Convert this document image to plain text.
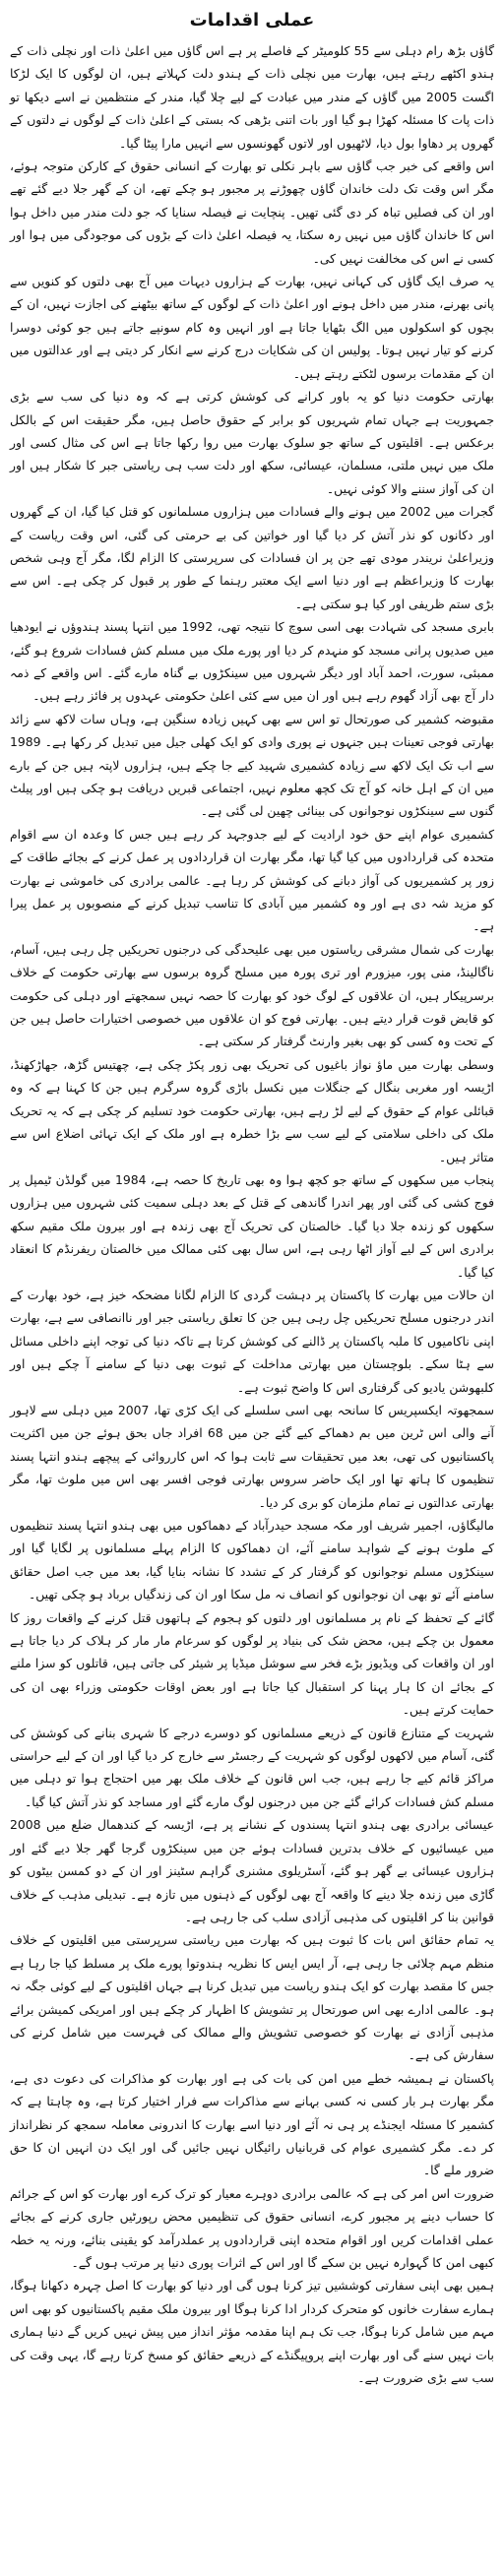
عملی اقدامات

گاؤں بڑھ رام دہلی سے 55 کلومیٹر کے فاصلے پر ہے اس گاؤں میں اعلیٰ ذات اور نچلی ذات کے ہندو اکٹھے رہتے ہیں، بھارت میں نچلی ذات کے ہندو دلت کہلاتے ہیں، ان لوگوں کا ایک لڑکا اگست 2005 میں گاؤں کے مندر میں عبادت کے لیے چلا گیا، مندر کے منتظمین نے اسے دیکھا تو ذات پات کا مسئلہ کھڑا ہو گیا اور بات اتنی بڑھی کہ بستی کے اعلیٰ ذات کے لوگوں نے دلتوں کے گھروں پر دھاوا بول دیا، لاٹھیوں اور لاتوں گھونسوں سے انہیں مارا پیٹا گیا۔

اس واقعے کی خبر جب گاؤں سے باہر نکلی تو بھارت کے انسانی حقوق کے کارکن متوجہ ہوئے، مگر اس وقت تک دلت خاندان گاؤں چھوڑنے پر مجبور ہو چکے تھے، ان کے گھر جلا دیے گئے تھے اور ان کی فصلیں تباہ کر دی گئی تھیں۔ پنچایت نے فیصلہ سنایا کہ جو دلت مندر میں داخل ہوا اس کا خاندان گاؤں میں نہیں رہ سکتا، یہ فیصلہ اعلیٰ ذات کے بڑوں کی موجودگی میں ہوا اور کسی نے اس کی مخالفت نہیں کی۔

یہ صرف ایک گاؤں کی کہانی نہیں، بھارت کے ہزاروں دیہات میں آج بھی دلتوں کو کنویں سے پانی بھرنے، مندر میں داخل ہونے اور اعلیٰ ذات کے لوگوں کے ساتھ بیٹھنے کی اجازت نہیں، ان کے بچوں کو اسکولوں میں الگ بٹھایا جاتا ہے اور انہیں وہ کام سونپے جاتے ہیں جو کوئی دوسرا کرنے کو تیار نہیں ہوتا۔ پولیس ان کی شکایات درج کرنے سے انکار کر دیتی ہے اور عدالتوں میں ان کے مقدمات برسوں لٹکتے رہتے ہیں۔

بھارتی حکومت دنیا کو یہ باور کرانے کی کوشش کرتی ہے کہ وہ دنیا کی سب سے بڑی جمہوریت ہے جہاں تمام شہریوں کو برابر کے حقوق حاصل ہیں، مگر حقیقت اس کے بالکل برعکس ہے۔ اقلیتوں کے ساتھ جو سلوک بھارت میں روا رکھا جاتا ہے اس کی مثال کسی اور ملک میں نہیں ملتی، مسلمان، عیسائی، سکھ اور دلت سب ہی ریاستی جبر کا شکار ہیں اور ان کی آواز سننے والا کوئی نہیں۔

گجرات میں 2002 میں ہونے والے فسادات میں ہزاروں مسلمانوں کو قتل کیا گیا، ان کے گھروں اور دکانوں کو نذر آتش کر دیا گیا اور خواتین کی بے حرمتی کی گئی، اس وقت ریاست کے وزیراعلیٰ نریندر مودی تھے جن پر ان فسادات کی سرپرستی کا الزام لگا، مگر آج وہی شخص بھارت کا وزیراعظم ہے اور دنیا اسے ایک معتبر رہنما کے طور پر قبول کر چکی ہے۔ اس سے بڑی ستم ظریفی اور کیا ہو سکتی ہے۔

بابری مسجد کی شہادت بھی اسی سوچ کا نتیجہ تھی، 1992 میں انتہا پسند ہندوؤں نے ایودھیا میں صدیوں پرانی مسجد کو منہدم کر دیا اور پورے ملک میں مسلم کش فسادات شروع ہو گئے، ممبئی، سورت، احمد آباد اور دیگر شہروں میں سینکڑوں بے گناہ مارے گئے۔ اس واقعے کے ذمہ دار آج بھی آزاد گھوم رہے ہیں اور ان میں سے کئی اعلیٰ حکومتی عہدوں پر فائز رہے ہیں۔

مقبوضہ کشمیر کی صورتحال تو اس سے بھی کہیں زیادہ سنگین ہے، وہاں سات لاکھ سے زائد بھارتی فوجی تعینات ہیں جنہوں نے پوری وادی کو ایک کھلی جیل میں تبدیل کر رکھا ہے۔ 1989 سے اب تک ایک لاکھ سے زیادہ کشمیری شہید کیے جا چکے ہیں، ہزاروں لاپتہ ہیں جن کے بارے میں ان کے اہل خانہ کو آج تک کچھ معلوم نہیں، اجتماعی قبریں دریافت ہو چکی ہیں اور پیلٹ گنوں سے سینکڑوں نوجوانوں کی بینائی چھین لی گئی ہے۔

کشمیری عوام اپنے حق خود ارادیت کے لیے جدوجہد کر رہے ہیں جس کا وعدہ ان سے اقوام متحدہ کی قراردادوں میں کیا گیا تھا، مگر بھارت ان قراردادوں پر عمل کرنے کے بجائے طاقت کے زور پر کشمیریوں کی آواز دبانے کی کوشش کر رہا ہے۔ عالمی برادری کی خاموشی نے بھارت کو مزید شہ دی ہے اور وہ کشمیر میں آبادی کا تناسب تبدیل کرنے کے منصوبوں پر عمل پیرا ہے۔

بھارت کی شمال مشرقی ریاستوں میں بھی علیحدگی کی درجنوں تحریکیں چل رہی ہیں، آسام، ناگالینڈ، منی پور، میزورم اور تری پورہ میں مسلح گروہ برسوں سے بھارتی حکومت کے خلاف برسرپیکار ہیں، ان علاقوں کے لوگ خود کو بھارت کا حصہ نہیں سمجھتے اور دہلی کی حکومت کو قابض قوت قرار دیتے ہیں۔ بھارتی فوج کو ان علاقوں میں خصوصی اختیارات حاصل ہیں جن کے تحت وہ کسی کو بھی بغیر وارنٹ گرفتار کر سکتی ہے۔

وسطی بھارت میں ماؤ نواز باغیوں کی تحریک بھی زور پکڑ چکی ہے، چھتیس گڑھ، جھاڑکھنڈ، اڑیسہ اور مغربی بنگال کے جنگلات میں نکسل باڑی گروہ سرگرم ہیں جن کا کہنا ہے کہ وہ قبائلی عوام کے حقوق کے لیے لڑ رہے ہیں، بھارتی حکومت خود تسلیم کر چکی ہے کہ یہ تحریک ملک کی داخلی سلامتی کے لیے سب سے بڑا خطرہ ہے اور ملک کے ایک تہائی اضلاع اس سے متاثر ہیں۔

پنجاب میں سکھوں کے ساتھ جو کچھ ہوا وہ بھی تاریخ کا حصہ ہے، 1984 میں گولڈن ٹیمپل پر فوج کشی کی گئی اور پھر اندرا گاندھی کے قتل کے بعد دہلی سمیت کئی شہروں میں ہزاروں سکھوں کو زندہ جلا دیا گیا۔ خالصتان کی تحریک آج بھی زندہ ہے اور بیرون ملک مقیم سکھ برادری اس کے لیے آواز اٹھا رہی ہے، اس سال بھی کئی ممالک میں خالصتان ریفرنڈم کا انعقاد کیا گیا۔

ان حالات میں بھارت کا پاکستان پر دہشت گردی کا الزام لگانا مضحکہ خیز ہے، خود بھارت کے اندر درجنوں مسلح تحریکیں چل رہی ہیں جن کا تعلق ریاستی جبر اور ناانصافی سے ہے، بھارت اپنی ناکامیوں کا ملبہ پاکستان پر ڈالنے کی کوشش کرتا ہے تاکہ دنیا کی توجہ اپنے داخلی مسائل سے ہٹا سکے۔ بلوچستان میں بھارتی مداخلت کے ثبوت بھی دنیا کے سامنے آ چکے ہیں اور کلبھوشن یادیو کی گرفتاری اس کا واضح ثبوت ہے۔

سمجھوتہ ایکسپریس کا سانحہ بھی اسی سلسلے کی ایک کڑی تھا، 2007 میں دہلی سے لاہور آنے والی اس ٹرین میں بم دھماکے کیے گئے جن میں 68 افراد جاں بحق ہوئے جن میں اکثریت پاکستانیوں کی تھی، بعد میں تحقیقات سے ثابت ہوا کہ اس کارروائی کے پیچھے ہندو انتہا پسند تنظیموں کا ہاتھ تھا اور ایک حاضر سروس بھارتی فوجی افسر بھی اس میں ملوث تھا، مگر بھارتی عدالتوں نے تمام ملزمان کو بری کر دیا۔

مالیگاؤں، اجمیر شریف اور مکہ مسجد حیدرآباد کے دھماکوں میں بھی ہندو انتہا پسند تنظیموں کے ملوث ہونے کے شواہد سامنے آئے، ان دھماکوں کا الزام پہلے مسلمانوں پر لگایا گیا اور سینکڑوں مسلم نوجوانوں کو گرفتار کر کے تشدد کا نشانہ بنایا گیا، بعد میں جب اصل حقائق سامنے آئے تو بھی ان نوجوانوں کو انصاف نہ مل سکا اور ان کی زندگیاں برباد ہو چکی تھیں۔

گائے کے تحفظ کے نام پر مسلمانوں اور دلتوں کو ہجوم کے ہاتھوں قتل کرنے کے واقعات روز کا معمول بن چکے ہیں، محض شک کی بنیاد پر لوگوں کو سرعام مار مار کر ہلاک کر دیا جاتا ہے اور ان واقعات کی ویڈیوز بڑے فخر سے سوشل میڈیا پر شیئر کی جاتی ہیں، قاتلوں کو سزا ملنے کے بجائے ان کا ہار پہنا کر استقبال کیا جاتا ہے اور بعض اوقات حکومتی وزراء بھی ان کی حمایت کرتے ہیں۔

شہریت کے متنازع قانون کے ذریعے مسلمانوں کو دوسرے درجے کا شہری بنانے کی کوشش کی گئی، آسام میں لاکھوں لوگوں کو شہریت کے رجسٹر سے خارج کر دیا گیا اور ان کے لیے حراستی مراکز قائم کیے جا رہے ہیں، جب اس قانون کے خلاف ملک بھر میں احتجاج ہوا تو دہلی میں مسلم کش فسادات کرائے گئے جن میں درجنوں لوگ مارے گئے اور مساجد کو نذر آتش کیا گیا۔

عیسائی برادری بھی ہندو انتہا پسندوں کے نشانے پر ہے، اڑیسہ کے کندھمال ضلع میں 2008 میں عیسائیوں کے خلاف بدترین فسادات ہوئے جن میں سینکڑوں گرجا گھر جلا دیے گئے اور ہزاروں عیسائی بے گھر ہو گئے، آسٹریلوی مشنری گراہم سٹینز اور ان کے دو کمسن بیٹوں کو گاڑی میں زندہ جلا دینے کا واقعہ آج بھی لوگوں کے ذہنوں میں تازہ ہے۔ تبدیلی مذہب کے خلاف قوانین بنا کر اقلیتوں کی مذہبی آزادی سلب کی جا رہی ہے۔

یہ تمام حقائق اس بات کا ثبوت ہیں کہ بھارت میں ریاستی سرپرستی میں اقلیتوں کے خلاف منظم مہم چلائی جا رہی ہے، آر ایس ایس کا نظریہ ہندوتوا پورے ملک پر مسلط کیا جا رہا ہے جس کا مقصد بھارت کو ایک ہندو ریاست میں تبدیل کرنا ہے جہاں اقلیتوں کے لیے کوئی جگہ نہ ہو۔ عالمی ادارے بھی اس صورتحال پر تشویش کا اظہار کر چکے ہیں اور امریکی کمیشن برائے مذہبی آزادی نے بھارت کو خصوصی تشویش والے ممالک کی فہرست میں شامل کرنے کی سفارش کی ہے۔

پاکستان نے ہمیشہ خطے میں امن کی بات کی ہے اور بھارت کو مذاکرات کی دعوت دی ہے، مگر بھارت ہر بار کسی نہ کسی بہانے سے مذاکرات سے فرار اختیار کرتا ہے، وہ چاہتا ہے کہ کشمیر کا مسئلہ ایجنڈے پر ہی نہ آئے اور دنیا اسے بھارت کا اندرونی معاملہ سمجھ کر نظرانداز کر دے۔ مگر کشمیری عوام کی قربانیاں رائیگاں نہیں جائیں گی اور ایک دن انہیں ان کا حق ضرور ملے گا۔

ضرورت اس امر کی ہے کہ عالمی برادری دوہرے معیار کو ترک کرے اور بھارت کو اس کے جرائم کا حساب دینے پر مجبور کرے، انسانی حقوق کی تنظیمیں محض رپورٹیں جاری کرنے کے بجائے عملی اقدامات کریں اور اقوام متحدہ اپنی قراردادوں پر عملدرآمد کو یقینی بنائے، ورنہ یہ خطہ کبھی امن کا گہوارہ نہیں بن سکے گا اور اس کے اثرات پوری دنیا پر مرتب ہوں گے۔

ہمیں بھی اپنی سفارتی کوششیں تیز کرنا ہوں گی اور دنیا کو بھارت کا اصل چہرہ دکھانا ہوگا، ہمارے سفارت خانوں کو متحرک کردار ادا کرنا ہوگا اور بیرون ملک مقیم پاکستانیوں کو بھی اس مہم میں شامل کرنا ہوگا، جب تک ہم اپنا مقدمہ مؤثر انداز میں پیش نہیں کریں گے دنیا ہماری بات نہیں سنے گی اور بھارت اپنے پروپیگنڈے کے ذریعے حقائق کو مسخ کرتا رہے گا، یہی وقت کی سب سے بڑی ضرورت ہے۔
